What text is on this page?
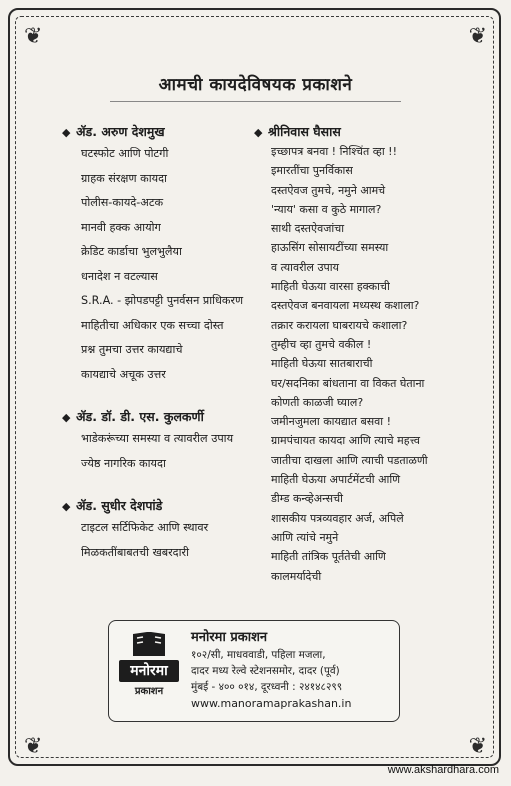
❦	❦
❦	❦
आमची कायदेविषयक प्रकाशने
◆ ॲड. अरुण देशमुख
घटस्फोट आणि पोटगी
ग्राहक संरक्षण कायदा
पोलीस-कायदे-अटक
मानवी हक्क आयोग
क्रेडिट कार्डाचा भुलभुलैया
धनादेश न वटल्यास
S.R.A. - झोपडपट्टी पुनर्वसन प्राधिकरण
माहितीचा अधिकार एक सच्चा दोस्त
प्रश्न तुमचा उत्तर कायद्याचे
कायद्याचे अचूक उत्तर
◆ ॲड. डॉ. डी. एस. कुलकर्णी
भाडेकरूंच्या समस्या व त्यावरील उपाय
ज्येष्ठ नागरिक कायदा
◆ ॲड. सुधीर देशपांडे
टाइटल सर्टिफिकेट आणि स्थावर
मिळकतींबाबतची खबरदारी
◆ श्रीनिवास घैसास
इच्छापत्र बनवा ! निश्चिंत व्हा !!
इमारतींचा पुनर्विकास
दस्तऐवज तुमचे, नमुने आमचे
'न्याय' कसा व कुठे मागाल?
साथी दस्तऐवजांचा
हाऊसिंग सोसायटींच्या समस्या
व त्यावरील उपाय
माहिती घेऊया वारसा हक्काची
दस्तऐवज बनवायला मध्यस्थ कशाला?
तक्रार करायला घाबरायचे कशाला?
तुम्हीच व्हा तुमचे वकील !
माहिती घेऊया सातबाराची
घर/सदनिका बांधताना वा विकत घेताना
कोणती काळजी घ्याल?
जमीनजुमला कायद्यात बसवा !
ग्रामपंचायत कायदा आणि त्याचे महत्त्व
जातीचा दाखला आणि त्याची पडताळणी
माहिती घेऊया अपार्टमेंटची आणि
डीम्ड कन्व्हेअन्सची
शासकीय पत्रव्यवहार अर्ज, अपिले
आणि त्यांचे नमुने
माहिती तांत्रिक पूर्ततेची आणि
कालमर्यादेची
मनोरमा
प्रकाशन
मनोरमा प्रकाशन
१०२/सी, माधववाडी, पहिला मजला,
दादर मध्य रेल्वे स्टेशनसमोर, दादर (पूर्व)
मुंबई - ४०० ०१४, दूरध्वनी : २४१४८२९९
www.manoramaprakashan.in
www.akshardhara.com
